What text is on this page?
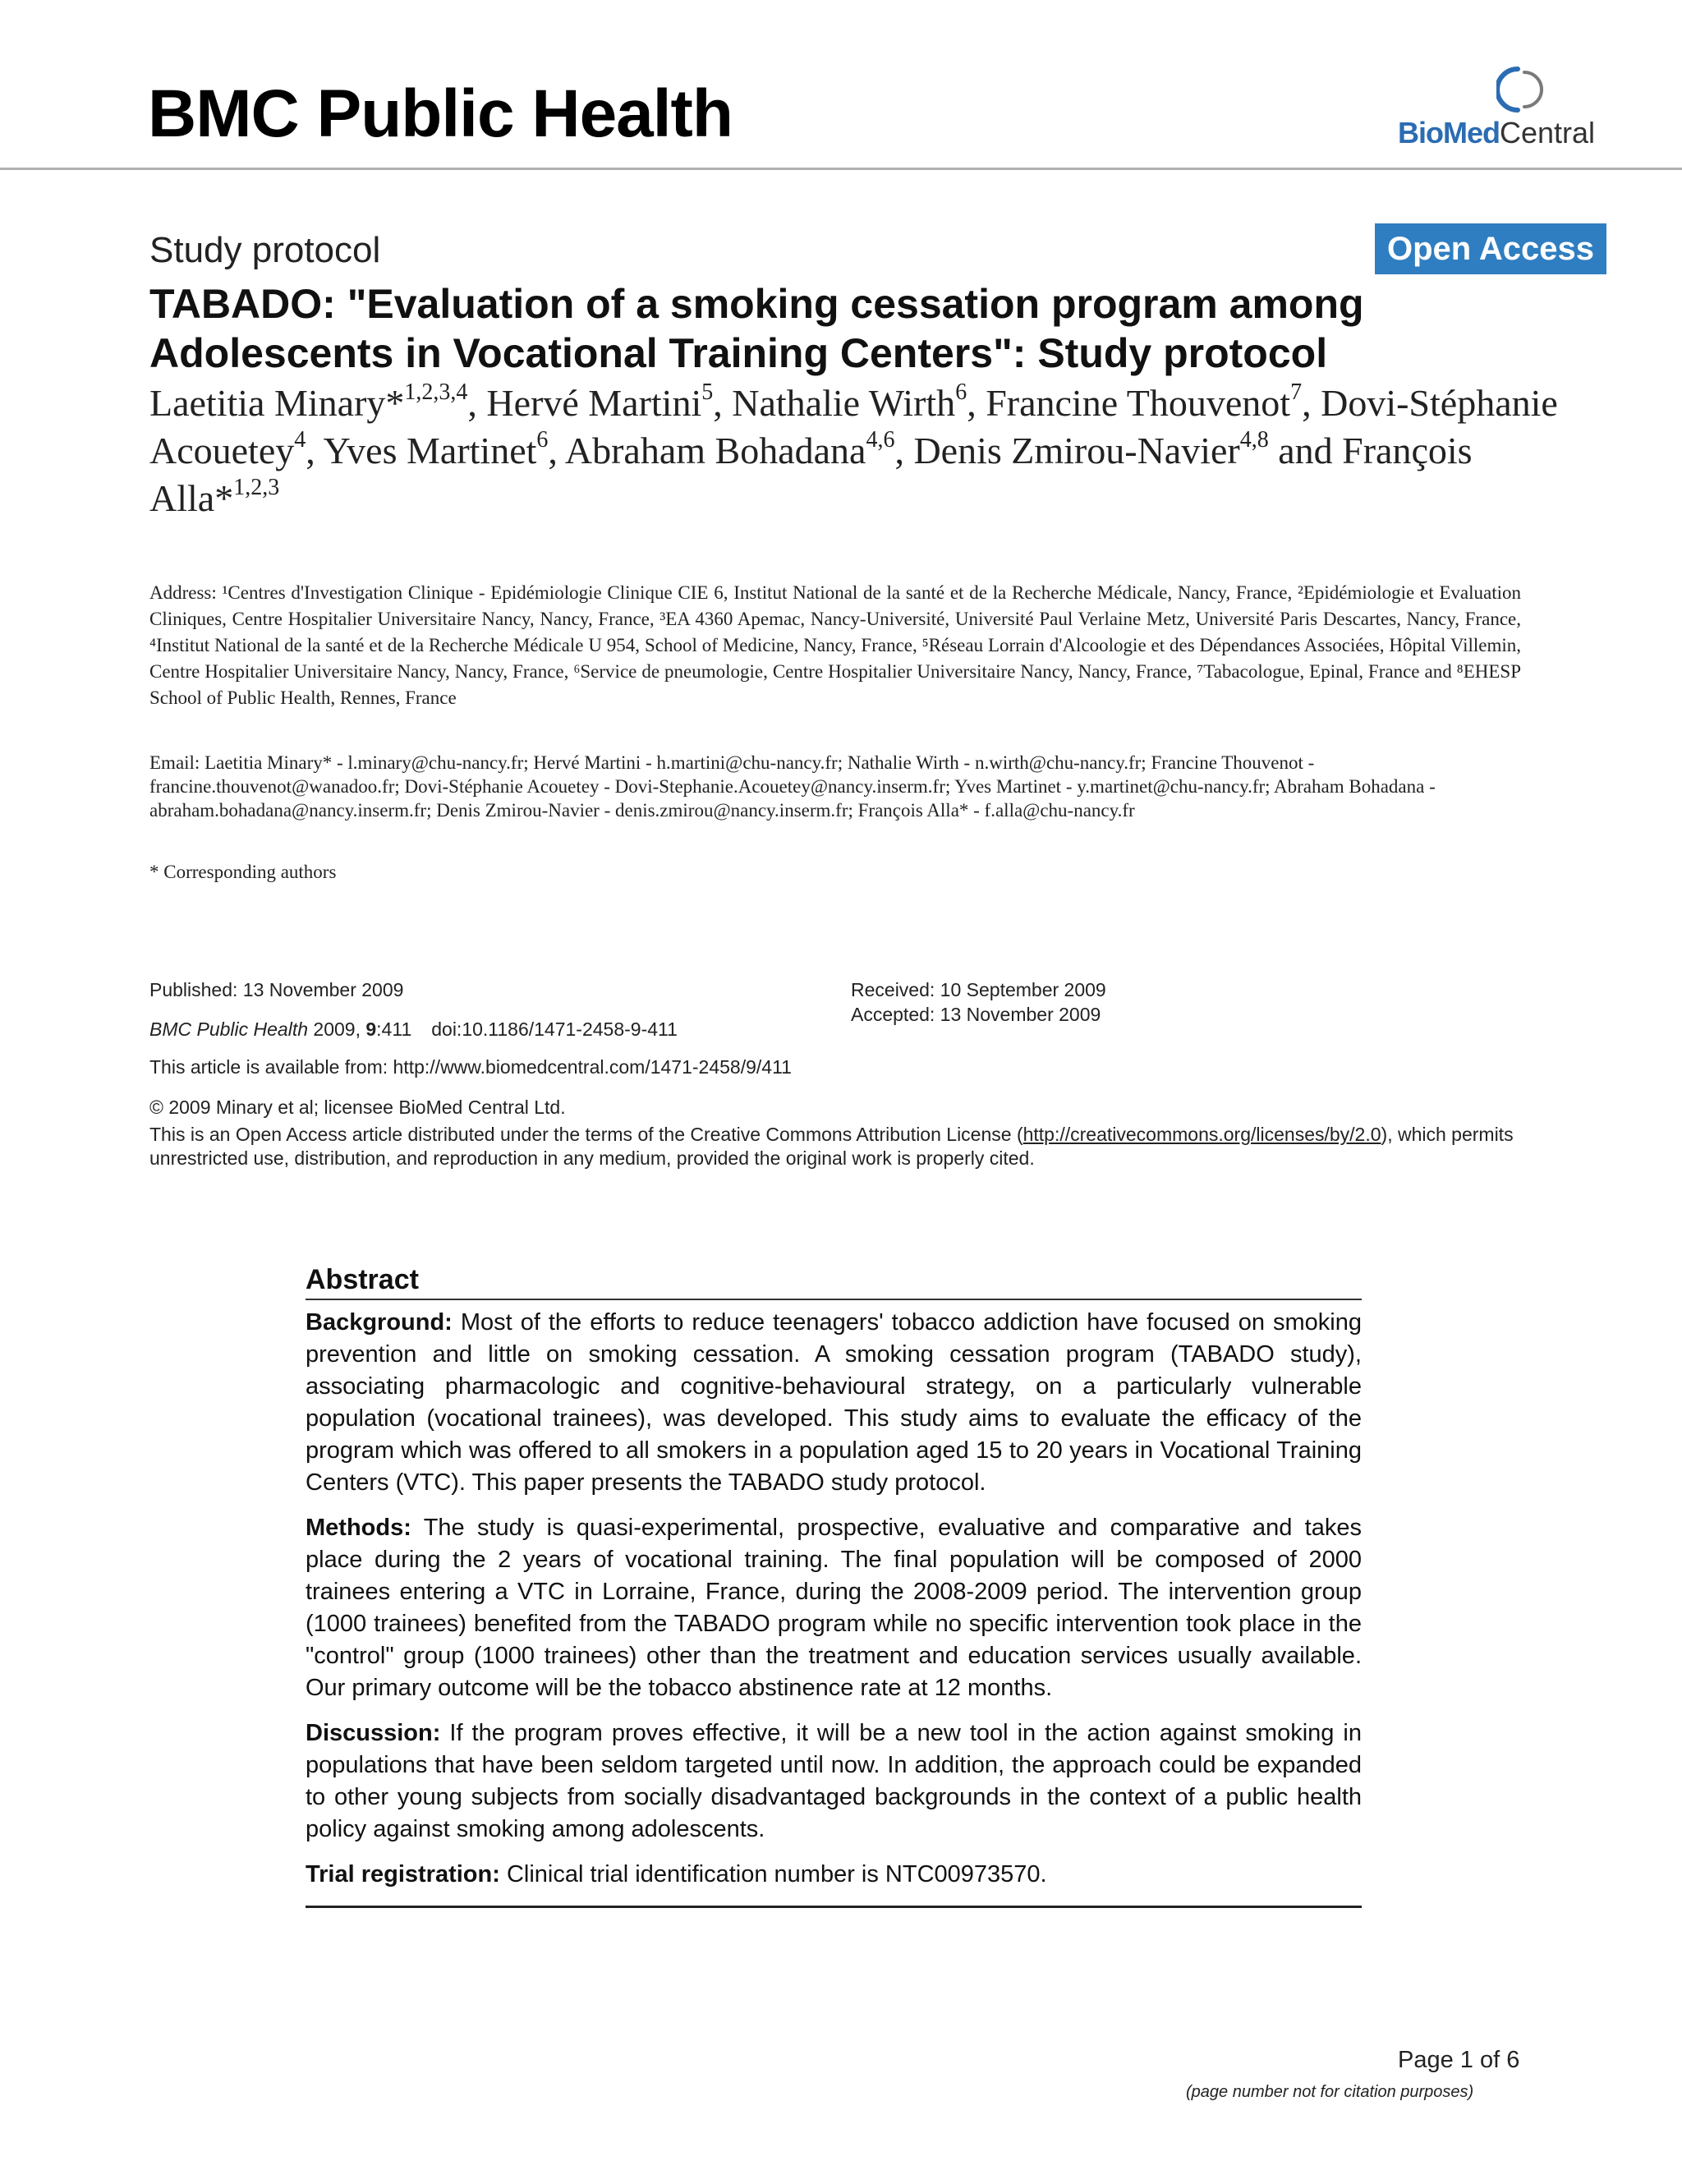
BMC Public Health	BioMedCentral
Study protocol	Open Access
TABADO: "Evaluation of a smoking cessation program among Adolescents in Vocational Training Centers": Study protocol
Laetitia Minary*$^{1,2,3,4}$, Hervé Martini$^5$, Nathalie Wirth$^6$, Francine Thouvenot$^7$, Dovi-Stéphanie Acouetey$^4$, Yves Martinet$^6$, Abraham Bohadana$^{4,6}$, Denis Zmirou-Navier$^{4,8}$ and François Alla*$^{1,2,3}$
Address: ¹Centres d'Investigation Clinique - Epidémiologie Clinique CIE 6, Institut National de la santé et de la Recherche Médicale, Nancy, France, ²Epidémiologie et Evaluation Cliniques, Centre Hospitalier Universitaire Nancy, Nancy, France, ³EA 4360 Apemac, Nancy-Université, Université Paul Verlaine Metz, Université Paris Descartes, Nancy, France, ⁴Institut National de la santé et de la Recherche Médicale U 954, School of Medicine, Nancy, France, ⁵Réseau Lorrain d'Alcoologie et des Dépendances Associées, Hôpital Villemin, Centre Hospitalier Universitaire Nancy, Nancy, France, ⁶Service de pneumologie, Centre Hospitalier Universitaire Nancy, Nancy, France, ⁷Tabacologue, Epinal, France and ⁸EHESP School of Public Health, Rennes, France
Email: Laetitia Minary* - l.minary@chu-nancy.fr; Hervé Martini - h.martini@chu-nancy.fr; Nathalie Wirth - n.wirth@chu-nancy.fr; Francine Thouvenot - francine.thouvenot@wanadoo.fr; Dovi-Stéphanie Acouetey - Dovi-Stephanie.Acouetey@nancy.inserm.fr; Yves Martinet - y.martinet@chu-nancy.fr; Abraham Bohadana - abraham.bohadana@nancy.inserm.fr; Denis Zmirou-Navier - denis.zmirou@nancy.inserm.fr; François Alla* - f.alla@chu-nancy.fr
* Corresponding authors
Published: 13 November 2009
BMC Public Health 2009, 9:411 doi:10.1186/1471-2458-9-411
Received: 10 September 2009
Accepted: 13 November 2009
This article is available from: http://www.biomedcentral.com/1471-2458/9/411
© 2009 Minary et al; licensee BioMed Central Ltd.
This is an Open Access article distributed under the terms of the Creative Commons Attribution License (http://creativecommons.org/licenses/by/2.0), which permits unrestricted use, distribution, and reproduction in any medium, provided the original work is properly cited.
Abstract

Background: Most of the efforts to reduce teenagers' tobacco addiction have focused on smoking prevention and little on smoking cessation. A smoking cessation program (TABADO study), associating pharmacologic and cognitive-behavioural strategy, on a particularly vulnerable population (vocational trainees), was developed. This study aims to evaluate the efficacy of the program which was offered to all smokers in a population aged 15 to 20 years in Vocational Training Centers (VTC). This paper presents the TABADO study protocol.

Methods: The study is quasi-experimental, prospective, evaluative and comparative and takes place during the 2 years of vocational training. The final population will be composed of 2000 trainees entering a VTC in Lorraine, France, during the 2008-2009 period. The intervention group (1000 trainees) benefited from the TABADO program while no specific intervention took place in the "control" group (1000 trainees) other than the treatment and education services usually available. Our primary outcome will be the tobacco abstinence rate at 12 months.

Discussion: If the program proves effective, it will be a new tool in the action against smoking in populations that have been seldom targeted until now. In addition, the approach could be expanded to other young subjects from socially disadvantaged backgrounds in the context of a public health policy against smoking among adolescents.

Trial registration: Clinical trial identification number is NTC00973570.

Page 1 of 6
(page number not for citation purposes)
